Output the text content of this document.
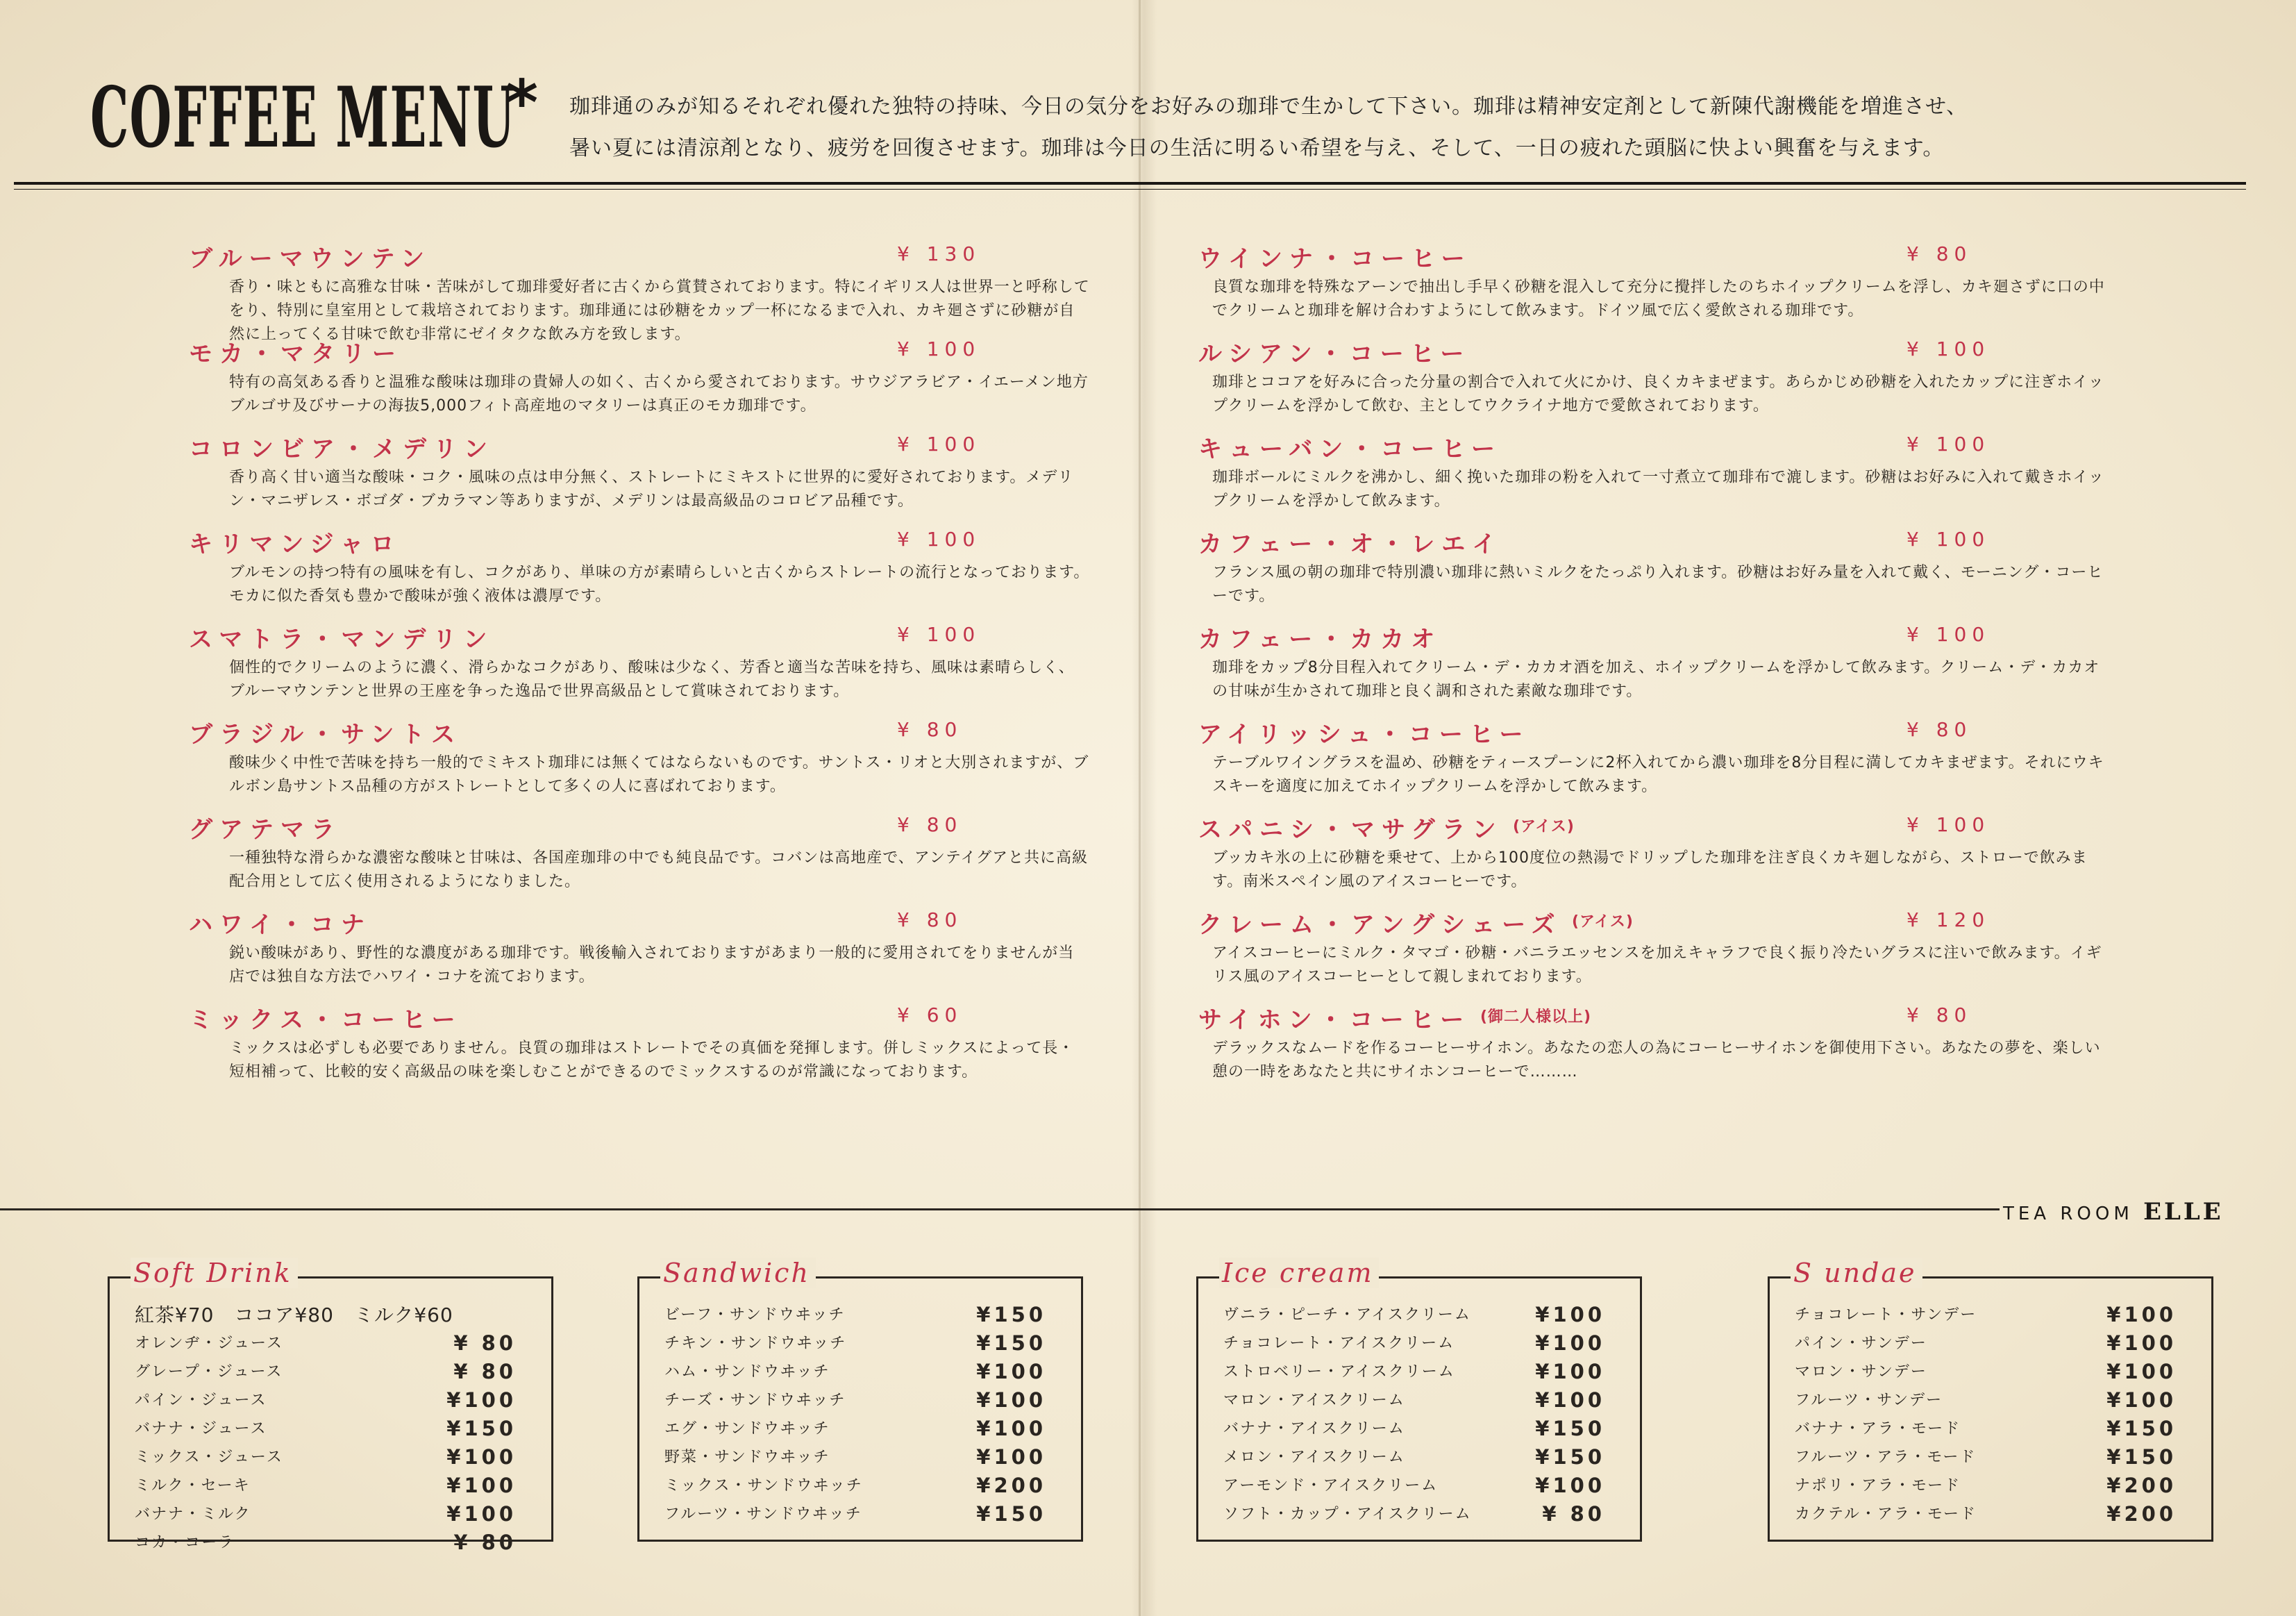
COFFEE MENU
* 珈琲通のみが知るそれぞれ優れた独特の持味、今日の気分をお好みの珈琲で生かして下さい。珈琲は精神安定剤として新陳代謝機能を増進させ、
暑い夏には清涼剤となり、疲労を回復させます。珈琲は今日の生活に明るい希望を与え、そして、一日の疲れた頭脳に快よい興奮を与えます。
ブルーマウンテン	¥ 130
香り・味ともに高雅な甘味・苦味がして珈琲愛好者に古くから賞賛されております。特にイギリス人は世界一と呼称してをり、特別に皇室用として栽培されております。珈琲通には砂糖をカップ一杯になるまで入れ、カキ廻さずに砂糖が自然に上ってくる甘味で飲む非常にゼイタクな飲み方を致します。
モカ・マタリー	¥ 100
特有の高気ある香りと温雅な酸味は珈琲の貴婦人の如く、古くから愛されております。サウジアラビア・イエーメン地方ブルゴサ及びサーナの海抜5,000フィト高産地のマタリーは真正のモカ珈琲です。
コロンビア・メデリン	¥ 100
香り高く甘い適当な酸味・コク・風味の点は申分無く、ストレートにミキストに世界的に愛好されております。メデリン・マニザレス・ボゴダ・ブカラマン等ありますが、メデリンは最高級品のコロビア品種です。
キリマンジャロ	¥ 100
ブルモンの持つ特有の風味を有し、コクがあり、単味の方が素晴らしいと古くからストレートの流行となっております。モカに似た香気も豊かで酸味が強く液体は濃厚です。
スマトラ・マンデリン	¥ 100
個性的でクリームのように濃く、滑らかなコクがあり、酸味は少なく、芳香と適当な苦味を持ち、風味は素晴らしく、ブルーマウンテンと世界の王座を争った逸品で世界高級品として賞味されております。
ブラジル・サントス	¥ 80
酸味少く中性で苦味を持ち一般的でミキスト珈琲には無くてはならないものです。サントス・リオと大別されますが、ブルボン島サントス品種の方がストレートとして多くの人に喜ばれております。
グアテマラ	¥ 80
一種独特な滑らかな濃密な酸味と甘味は、各国産珈琲の中でも純良品です。コバンは高地産で、アンテイグアと共に高級配合用として広く使用されるようになりました。
ハワイ・コナ	¥ 80
鋭い酸味があり、野性的な濃度がある珈琲です。戦後輸入されておりますがあまり一般的に愛用されてをりませんが当店では独自な方法でハワイ・コナを流ております。
ミックス・コーヒー	¥ 60
ミックスは必ずしも必要でありません。良質の珈琲はストレートでその真価を発揮します。併しミックスによって長・短相補って、比較的安く高級品の味を楽しむことができるのでミックスするのが常識になっております。
ウインナ・コーヒー	¥ 80
良質な珈琲を特殊なアーンで抽出し手早く砂糖を混入して充分に攪拌したのちホイップクリームを浮し、カキ廻さずに口の中でクリームと珈琲を解け合わすようにして飲みます。ドイツ風で広く愛飲される珈琲です。
ルシアン・コーヒー	¥ 100
珈琲とココアを好みに合った分量の割合で入れて火にかけ、良くカキまぜます。あらかじめ砂糖を入れたカップに注ぎホイップクリームを浮かして飲む、主としてウクライナ地方で愛飲されております。
キューバン・コーヒー	¥ 100
珈琲ボールにミルクを沸かし、細く挽いた珈琲の粉を入れて一寸煮立て珈琲布で漉します。砂糖はお好みに入れて戴きホイップクリームを浮かして飲みます。
カフェー・オ・レエイ	¥ 100
フランス風の朝の珈琲で特別濃い珈琲に熱いミルクをたっぷり入れます。砂糖はお好み量を入れて戴く、モーニング・コーヒーです。
カフェー・カカオ	¥ 100
珈琲をカップ8分目程入れてクリーム・デ・カカオ酒を加え、ホイップクリームを浮かして飲みます。クリーム・デ・カカオの甘味が生かされて珈琲と良く調和された素敵な珈琲です。
アイリッシュ・コーヒー	¥ 80
テーブルワイングラスを温め、砂糖をティースプーンに2杯入れてから濃い珈琲を8分目程に満してカキまぜます。それにウキスキーを適度に加えてホイップクリームを浮かして飲みます。
スパニシ・マサグラン (アイス)	¥ 100
ブッカキ氷の上に砂糖を乗せて、上から100度位の熱湯でドリップした珈琲を注ぎ良くカキ廻しながら、ストローで飲みます。南米スペイン風のアイスコーヒーです。
クレーム・アングシェーズ (アイス)	¥ 120
アイスコーヒーにミルク・タマゴ・砂糖・バニラエッセンスを加えキャラフで良く振り冷たいグラスに注いで飲みます。イギリス風のアイスコーヒーとして親しまれております。
サイホン・コーヒー (御二人様以上)	¥ 80
デラックスなムードを作るコーヒーサイホン。あなたの恋人の為にコーヒーサイホンを御使用下さい。あなたの夢を、楽しい憩の一時をあなたと共にサイホンコーヒーで………
TEA ROOM ELLE
Soft Drink
紅茶¥70　ココア¥80　ミルク¥60
オレンヂ・ジュース	¥ 80
グレープ・ジュース	¥ 80
パイン・ジュース	¥100
バナナ・ジュース	¥150
ミックス・ジュース	¥100
ミルク・セーキ	¥100
バナナ・ミルク	¥100
コカ・コーラ	¥ 80
Sandwich
ビーフ・サンドウヰッチ	¥150
チキン・サンドウヰッチ	¥150
ハム・サンドウヰッチ	¥100
チーズ・サンドウヰッチ	¥100
エグ・サンドウヰッチ	¥100
野菜・サンドウヰッチ	¥100
ミックス・サンドウヰッチ	¥200
フルーツ・サンドウヰッチ	¥150
Ice cream
ヴニラ・ピーチ・アイスクリーム	¥100
チョコレート・アイスクリーム	¥100
ストロベリー・アイスクリーム	¥100
マロン・アイスクリーム	¥100
バナナ・アイスクリーム	¥150
メロン・アイスクリーム	¥150
アーモンド・アイスクリーム	¥100
ソフト・カップ・アイスクリーム	¥ 80
S undae
チョコレート・サンデー	¥100
パイン・サンデー	¥100
マロン・サンデー	¥100
フルーツ・サンデー	¥100
バナナ・アラ・モード	¥150
フルーツ・アラ・モード	¥150
ナポリ・アラ・モード	¥200
カクテル・アラ・モード	¥200
